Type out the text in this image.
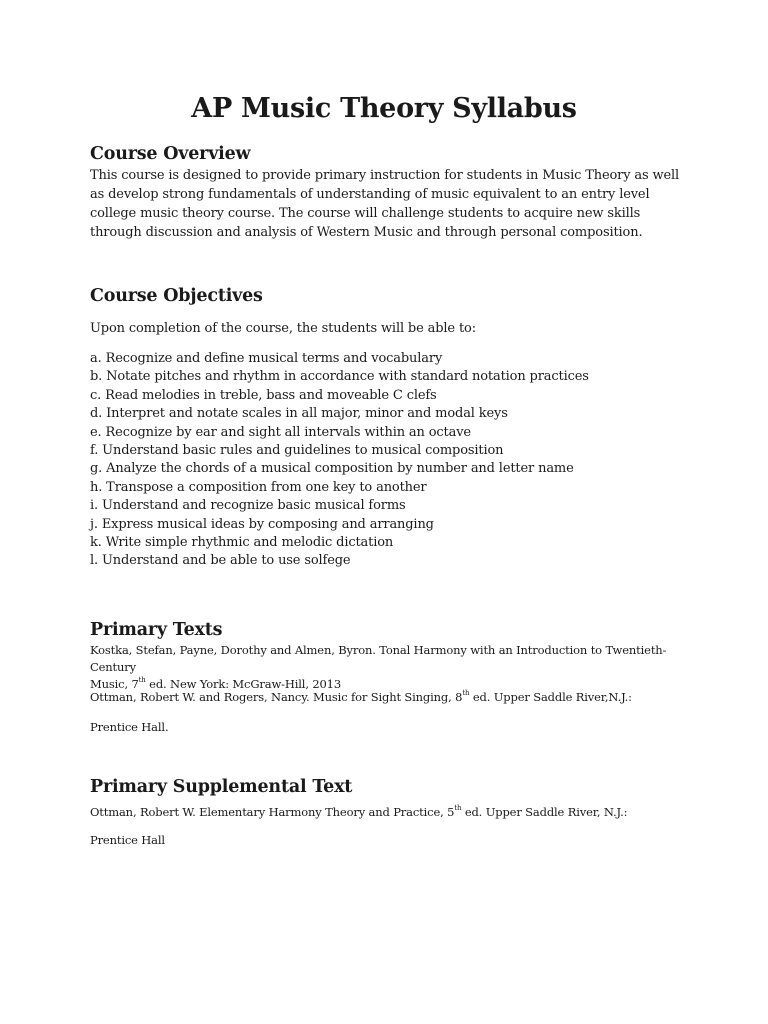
AP Music Theory Syllabus
Course Overview

This course is designed to provide primary instruction for students in Music Theory as well as develop strong fundamentals of understanding of music equivalent to an entry level college music theory course. The course will challenge students to acquire new skills through discussion and analysis of Western Music and through personal composition.

Course Objectives

Upon completion of the course, the students will be able to:

a. Recognize and define musical terms and vocabulary
b. Notate pitches and rhythm in accordance with standard notation practices
c. Read melodies in treble, bass and moveable C clefs
d. Interpret and notate scales in all major, minor and modal keys
e. Recognize by ear and sight all intervals within an octave
f. Understand basic rules and guidelines to musical composition
g. Analyze the chords of a musical composition by number and letter name
h. Transpose a composition from one key to another
i. Understand and recognize basic musical forms
j. Express musical ideas by composing and arranging
k. Write simple rhythmic and melodic dictation
l. Understand and be able to use solfege
Primary Texts

Kostka, Stefan, Payne, Dorothy and Almen, Byron. Tonal Harmony with an Introduction to Twentieth-Century
Music, 7th ed. New York: McGraw-Hill, 2013

Ottman, Robert W. and Rogers, Nancy. Music for Sight Singing, 8th ed. Upper Saddle River,N.J.:

Prentice Hall.

Primary Supplemental Text

Ottman, Robert W. Elementary Harmony Theory and Practice, 5th ed. Upper Saddle River, N.J.:

Prentice Hall
